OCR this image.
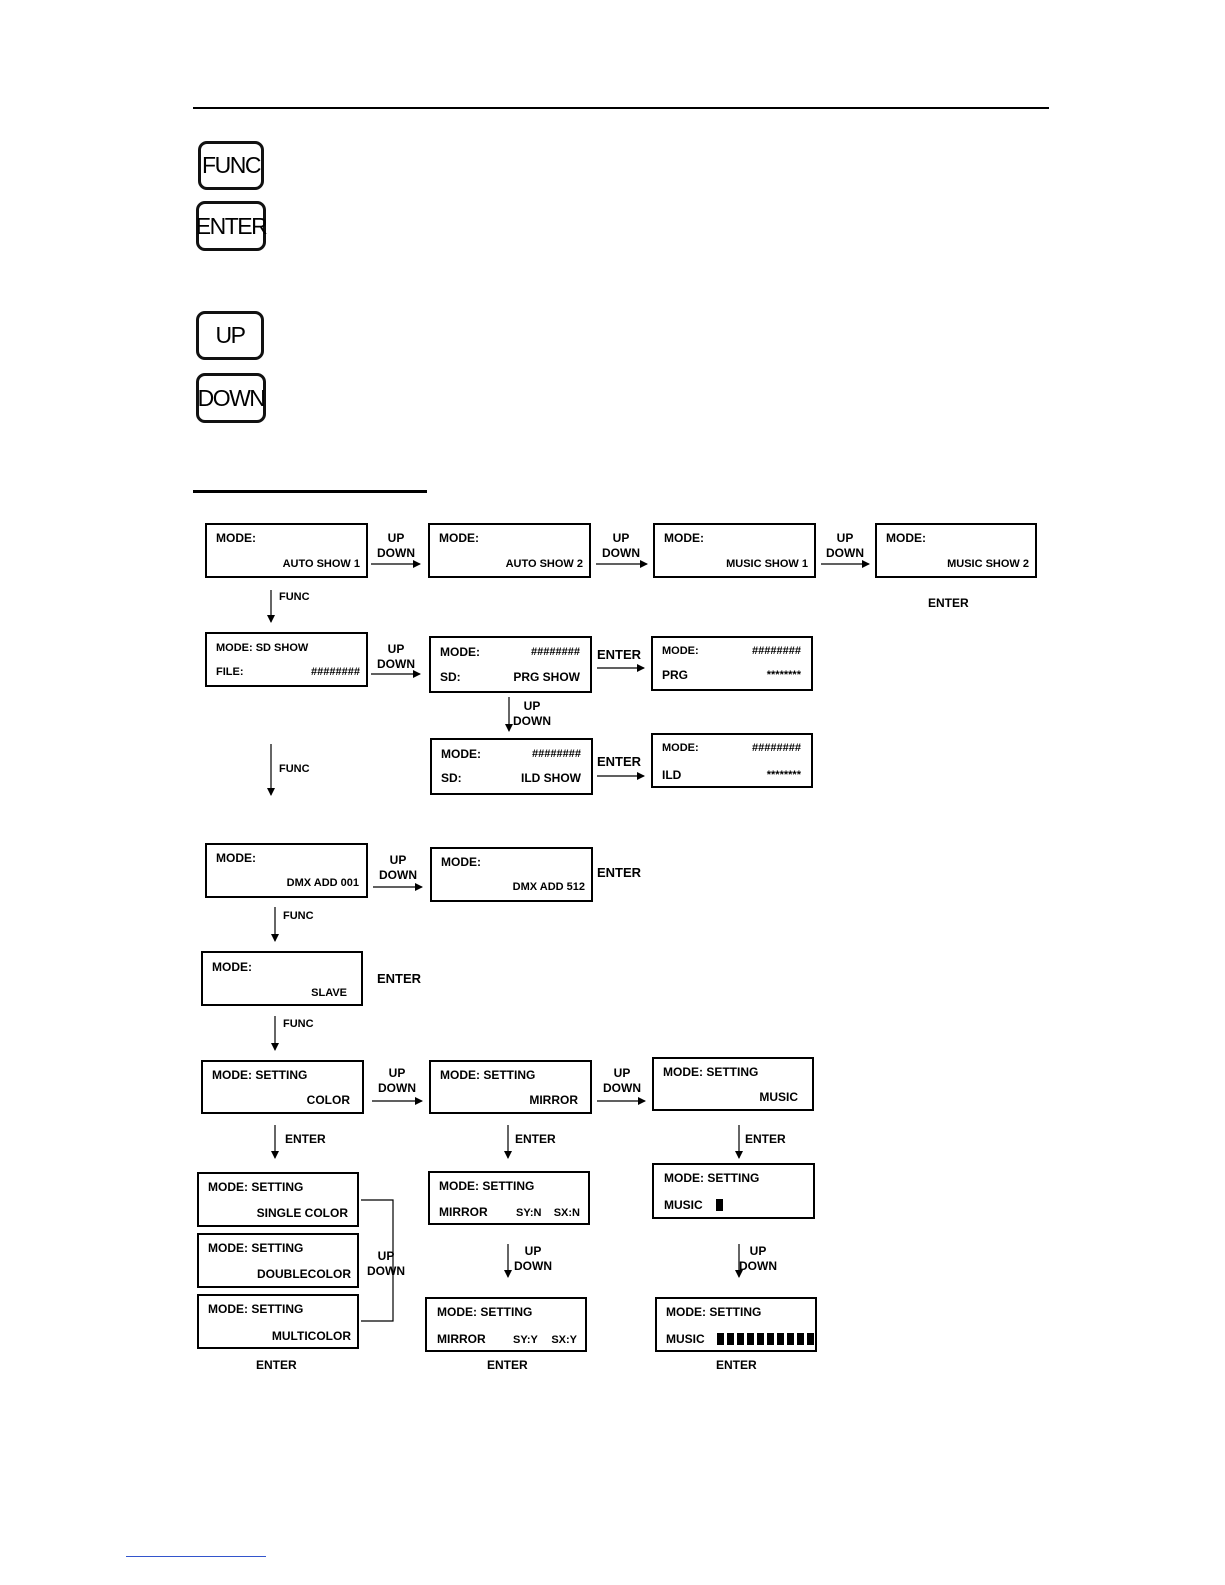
FUNC
ENTER
UP
DOWN
MODE:
AUTO SHOW 1
MODE:
AUTO SHOW 2
MODE:
MUSIC SHOW 1
MODE:
MUSIC SHOW 2
UP
DOWN
UP
DOWN
UP
DOWN
ENTER
FUNC
MODE: SD SHOW
FILE:	########
MODE:	########
SD:	PRG SHOW
MODE:	########
PRG	********
UP
DOWN
ENTER
UP
DOWN
MODE:	########
SD:	ILD SHOW
MODE:	########
ILD	********
ENTER
FUNC
MODE:
DMX ADD 001
MODE:
DMX ADD 512
UP
DOWN	ENTER
FUNC
MODE:
SLAVE
ENTER
FUNC
MODE: SETTING
COLOR
MODE: SETTING
MIRROR
MODE: SETTING
MUSIC
UP
DOWN
UP
DOWN
ENTER	ENTER	ENTER
MODE: SETTING
SINGLE COLOR
MODE: SETTING
DOUBLECOLOR
MODE: SETTING
MULTICOLOR
UP
DOWN
ENTER
MODE: SETTING
MIRROR	SY:N SX:N
UP
DOWN
MODE: SETTING
MIRROR SY:Y SX:Y
ENTER
MODE: SETTING
MUSIC
UP
DOWN
MODE: SETTING
MUSIC
ENTER
